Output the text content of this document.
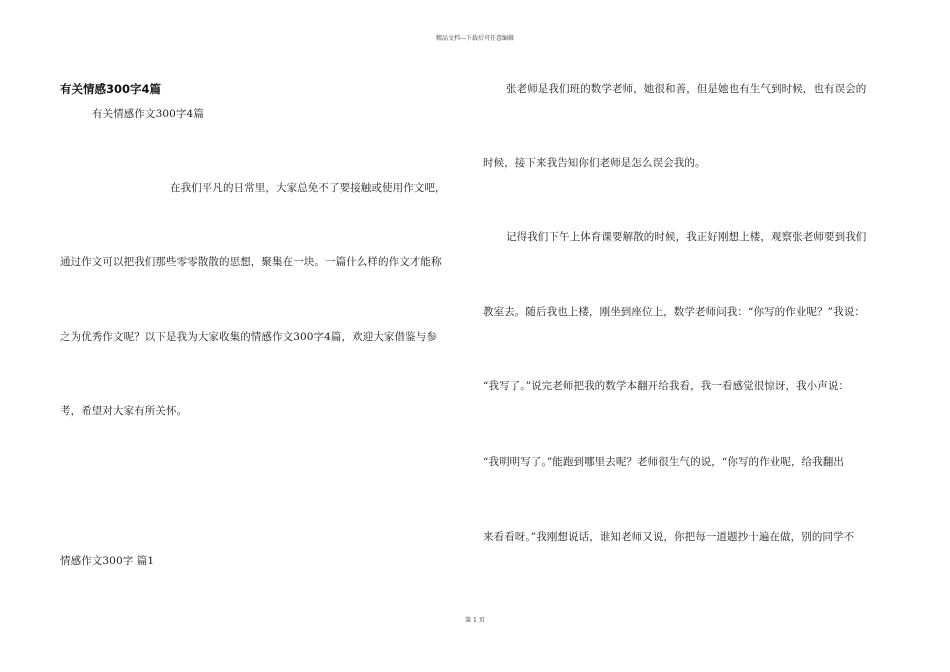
精品文档---下载后可任意编辑
有关情感300字4篇
有关情感作文300字4篇
在我们平凡的日常里，大家总免不了要接触或使用作文吧，
通过作文可以把我们那些零零散散的思想，聚集在一块。一篇什么样的作文才能称
之为优秀作文呢？以下是我为大家收集的情感作文300字4篇，欢迎大家借鉴与参
考，希望对大家有所关怀。
情感作文300字 篇1
张老师是我们班的数学老师，她很和善，但是她也有生气到时候，也有误会的
时候，接下来我告知你们老师是怎么误会我的。
记得我们下午上体育课要解散的时候，我正好刚想上楼，观察张老师要到我们
教室去。随后我也上楼，刚坐到座位上，数学老师问我：“你写的作业呢？”我说：
“我写了。”说完老师把我的数学本翻开给我看，我一看感觉很惊讶，我小声说：
“我明明写了。”能跑到哪里去呢？老师很生气的说，“你写的作业呢，给我翻出
来看看呀。”我刚想说话，谁知老师又说，你把每一道题抄十遍在做，别的同学不
第 1 页
